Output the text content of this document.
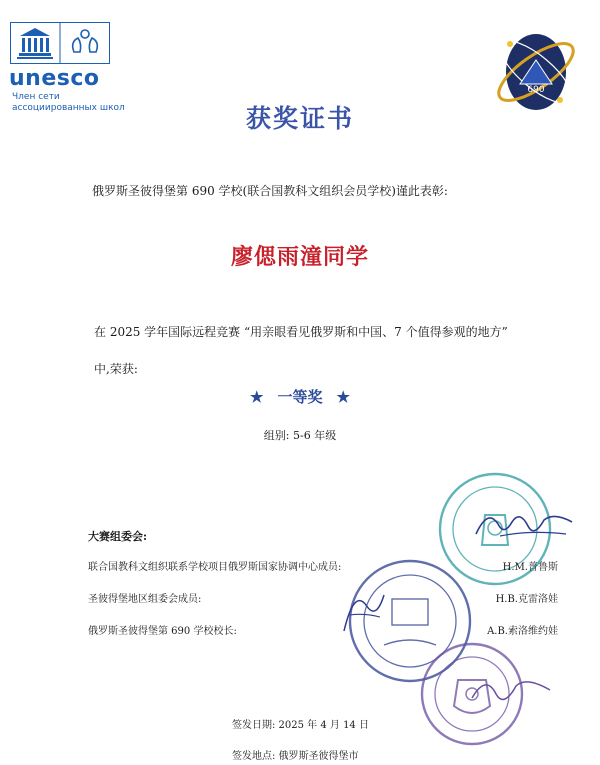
unesco
Член сети
ассоциированных школ
690
获奖证书
俄罗斯圣彼得堡第 690 学校(联合国教科文组织会员学校)谨此表彰:
廖偲雨潼同学
在 2025 学年国际远程竞赛 “用亲眼看见俄罗斯和中国、7 个值得参观的地方”
中,荣获:
★ 一等奖 ★
组别: 5-6 年级
大赛组委会:
联合国教科文组织联系学校项目俄罗斯国家协调中心成员:	H.M.普鲁斯
圣彼得堡地区组委会成员:	H.B.克雷洛娃
俄罗斯圣彼得堡第 690 学校校长:	A.B.索洛维约娃
签发日期: 2025 年 4 月 14 日
签发地点: 俄罗斯圣彼得堡市
